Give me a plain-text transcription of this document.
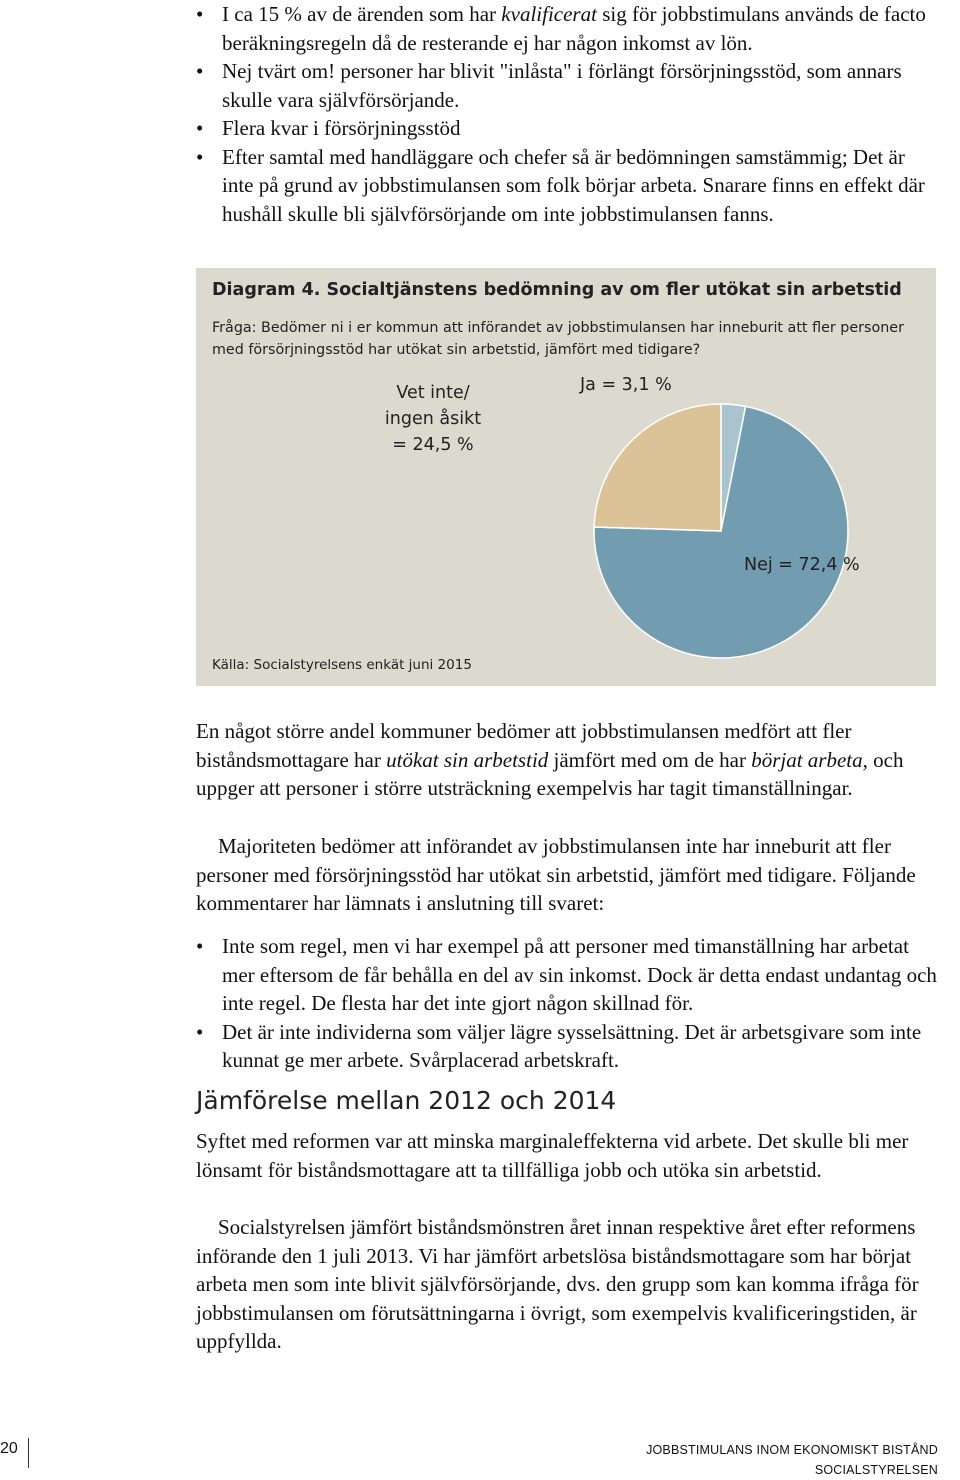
• I ca 15 % av de ärenden som har kvalificerat sig för jobbstimulans används de facto beräkningsregeln då de resterande ej har någon inkomst av lön.
• Nej tvärt om! personer har blivit "inlåsta" i förlängt försörjningsstöd, som annars skulle vara självförsörjande.
• Flera kvar i försörjningsstöd
• Efter samtal med handläggare och chefer så är bedömningen samstämmig; Det är inte på grund av jobbstimulansen som folk börjar arbeta. Snarare finns en effekt där hushåll skulle bli självförsörjande om inte jobbstimulansen fanns.
Diagram 4. Socialtjänstens bedömning av om fler utökat sin arbetstid
Fråga: Bedömer ni i er kommun att införandet av jobbstimulansen har inneburit att fler personer med försörjningsstöd har utökat sin arbetstid, jämfört med tidigare?
Ja = 3,1 %
Nej = 72,4 %
Vet inte/
ingen åsikt
= 24,5 %
Källa: Socialstyrelsens enkät juni 2015

En något större andel kommuner bedömer att jobbstimulansen medfört att fler biståndsmottagare har utökat sin arbetstid jämfört med om de har börjat arbeta, och uppger att personer i större utsträckning exempelvis har tagit timanställningar.

Majoriteten bedömer att införandet av jobbstimulansen inte har inneburit att fler personer med försörjningsstöd har utökat sin arbetstid, jämfört med tidigare. Följande kommentarer har lämnats i anslutning till svaret:

• Inte som regel, men vi har exempel på att personer med timanställning har arbetat mer eftersom de får behålla en del av sin inkomst. Dock är detta endast undantag och inte regel. De flesta har det inte gjort någon skillnad för.
• Det är inte individerna som väljer lägre sysselsättning. Det är arbetsgivare som inte kunnat ge mer arbete. Svårplacerad arbetskraft.
Jämförelse mellan 2012 och 2014

Syftet med reformen var att minska marginaleffekterna vid arbete. Det skulle bli mer lönsamt för biståndsmottagare att ta tillfälliga jobb och utöka sin arbetstid.

Socialstyrelsen jämfört biståndsmönstren året innan respektive året efter reformens införande den 1 juli 2013. Vi har jämfört arbetslösa biståndsmottagare som har börjat arbeta men som inte blivit självförsörjande, dvs. den grupp som kan komma ifråga för jobbstimulansen om förutsättningarna i övrigt, som exempelvis kvalificeringstiden, är uppfyllda.

20	JOBBSTIMULANS INOM EKONOMISKT BISTÅND
SOCIALSTYRELSEN
